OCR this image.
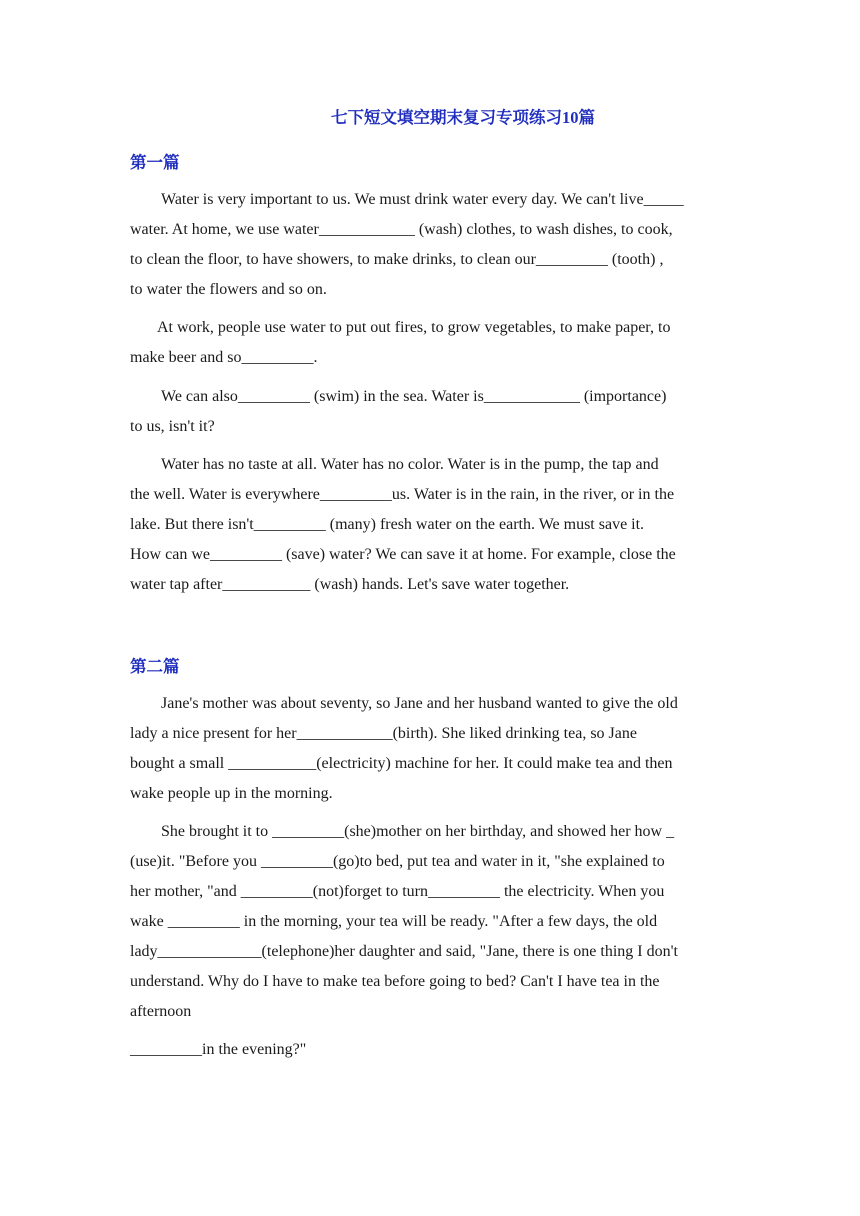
七下短文填空期末复习专项练习10篇
第一篇
Water is very important to us. We must drink water every day. We can't live_____
water. At home, we use water____________ (wash) clothes, to wash dishes, to cook,
to clean the floor, to have showers, to make drinks, to clean our_________ (tooth) ,
to water the flowers and so on.
At work, people use water to put out fires, to grow vegetables, to make paper, to
make beer and so_________.
We can also_________ (swim) in the sea. Water is____________ (importance)
to us, isn't it?
Water has no taste at all. Water has no color. Water is in the pump, the tap and
the well. Water is everywhere_________us. Water is in the rain, in the river, or in the
lake. But there isn't_________ (many) fresh water on the earth. We must save it.
How can we_________ (save) water? We can save it at home. For example, close the
water tap after___________ (wash) hands. Let's save water together.
第二篇
Jane's mother was about seventy, so Jane and her husband wanted to give the old
lady a nice present for her____________(birth). She liked drinking tea, so Jane
bought a small ___________(electricity) machine for her. It could make tea and then
wake people up in the morning.
She brought it to _________(she)mother on her birthday, and showed her how _
(use)it. "Before you _________(go)to bed, put tea and water in it, "she explained to
her mother, "and _________(not)forget to turn_________ the electricity. When you
wake _________ in the morning, your tea will be ready. "After a few days, the old
lady_____________(telephone)her daughter and said, "Jane, there is one thing I don't
understand. Why do I have to make tea before going to bed? Can't I have tea in the
afternoon
_________in the evening?"
